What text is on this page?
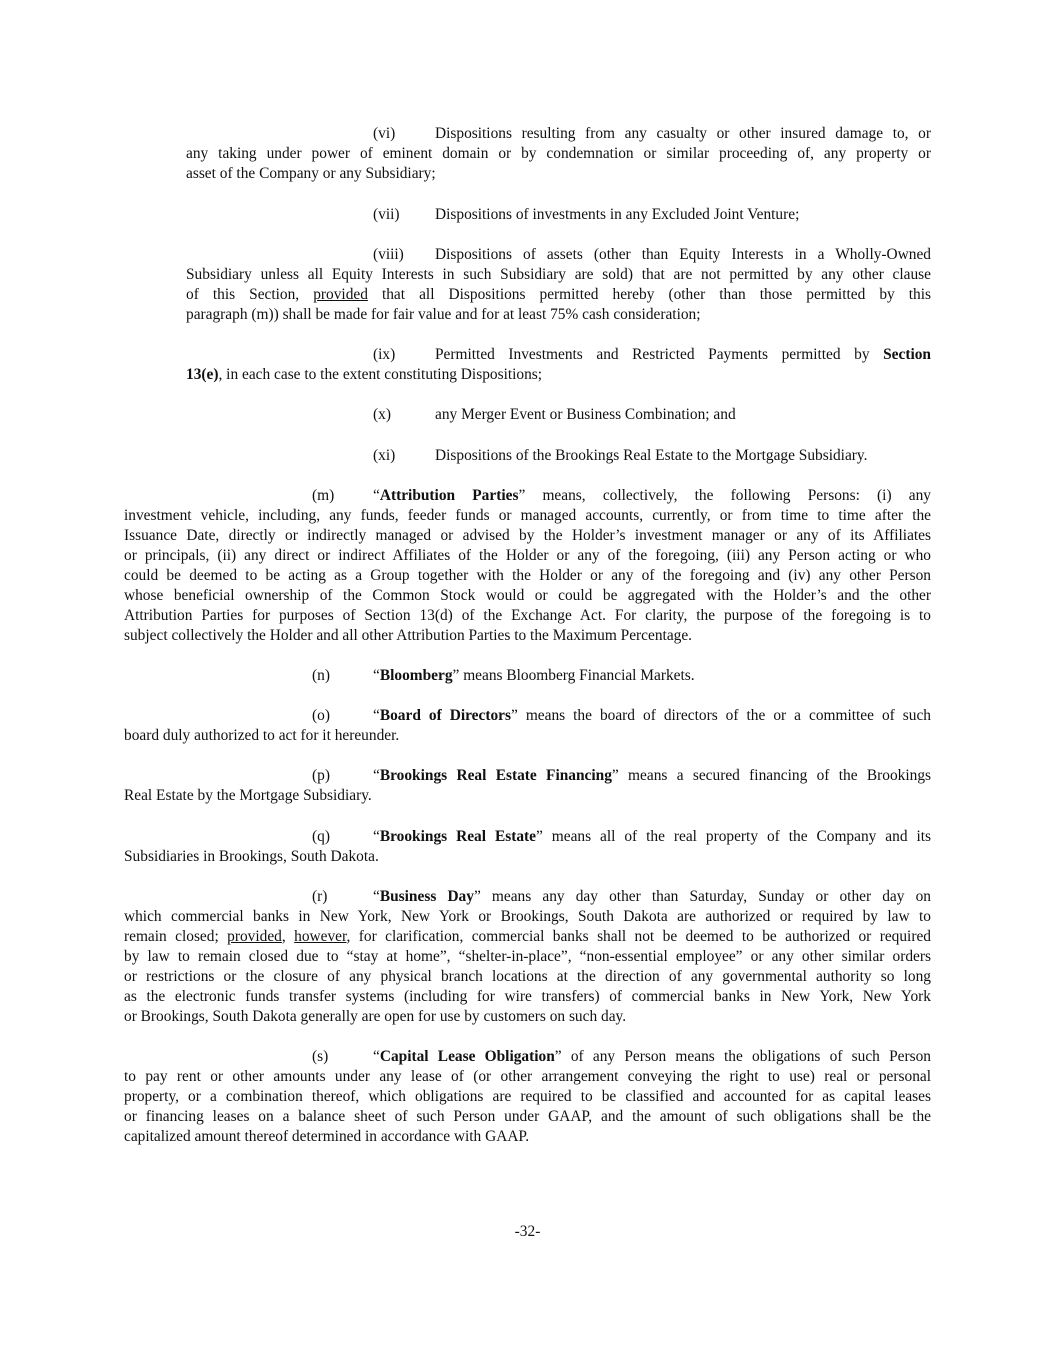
(vi)	Dispositions resulting from any casualty or other insured damage to, or
any taking under power of eminent domain or by condemnation or similar proceeding of, any property or
asset of the Company or any Subsidiary;
(vii) Dispositions of investments in any Excluded Joint Venture;
(viii) Dispositions of assets (other than Equity Interests in a Wholly-Owned
Subsidiary unless all Equity Interests in such Subsidiary are sold) that are not permitted by any other clause
of this Section, provided that all Dispositions permitted hereby (other than those permitted by this
paragraph (m)) shall be made for fair value and for at least 75% cash consideration;
(ix)	Permitted Investments and Restricted Payments permitted by Section
13(e), in each case to the extent constituting Dispositions;
(x)	any Merger Event or Business Combination; and
(xi)	Dispositions of the Brookings Real Estate to the Mortgage Subsidiary.
(m)	“Attribution Parties” means, collectively, the following Persons: (i) any
investment vehicle, including, any funds, feeder funds or managed accounts, currently, or from time to time after the
Issuance Date, directly or indirectly managed or advised by the Holder’s investment manager or any of its Affiliates
or principals, (ii) any direct or indirect Affiliates of the Holder or any of the foregoing, (iii) any Person acting or who
could be deemed to be acting as a Group together with the Holder or any of the foregoing and (iv) any other Person
whose beneficial ownership of the Common Stock would or could be aggregated with the Holder’s and the other
Attribution Parties for purposes of Section 13(d) of the Exchange Act. For clarity, the purpose of the foregoing is to
subject collectively the Holder and all other Attribution Parties to the Maximum Percentage.
(n)	“Bloomberg” means Bloomberg Financial Markets.
(o)	“Board of Directors” means the board of directors of the or a committee of such
board duly authorized to act for it hereunder.
(p)	“Brookings Real Estate Financing” means a secured financing of the Brookings
Real Estate by the Mortgage Subsidiary.
(q)	“Brookings Real Estate” means all of the real property of the Company and its
Subsidiaries in Brookings, South Dakota.
(r)	“Business Day” means any day other than Saturday, Sunday or other day on
which commercial banks in New York, New York or Brookings, South Dakota are authorized or required by law to
remain closed; provided, however, for clarification, commercial banks shall not be deemed to be authorized or required
by law to remain closed due to “stay at home”, “shelter-in-place”, “non-essential employee” or any other similar orders
or restrictions or the closure of any physical branch locations at the direction of any governmental authority so long
as the electronic funds transfer systems (including for wire transfers) of commercial banks in New York, New York
or Brookings, South Dakota generally are open for use by customers on such day.
(s)	“Capital Lease Obligation” of any Person means the obligations of such Person
to pay rent or other amounts under any lease of (or other arrangement conveying the right to use) real or personal
property, or a combination thereof, which obligations are required to be classified and accounted for as capital leases
or financing leases on a balance sheet of such Person under GAAP, and the amount of such obligations shall be the
capitalized amount thereof determined in accordance with GAAP.
-32-
